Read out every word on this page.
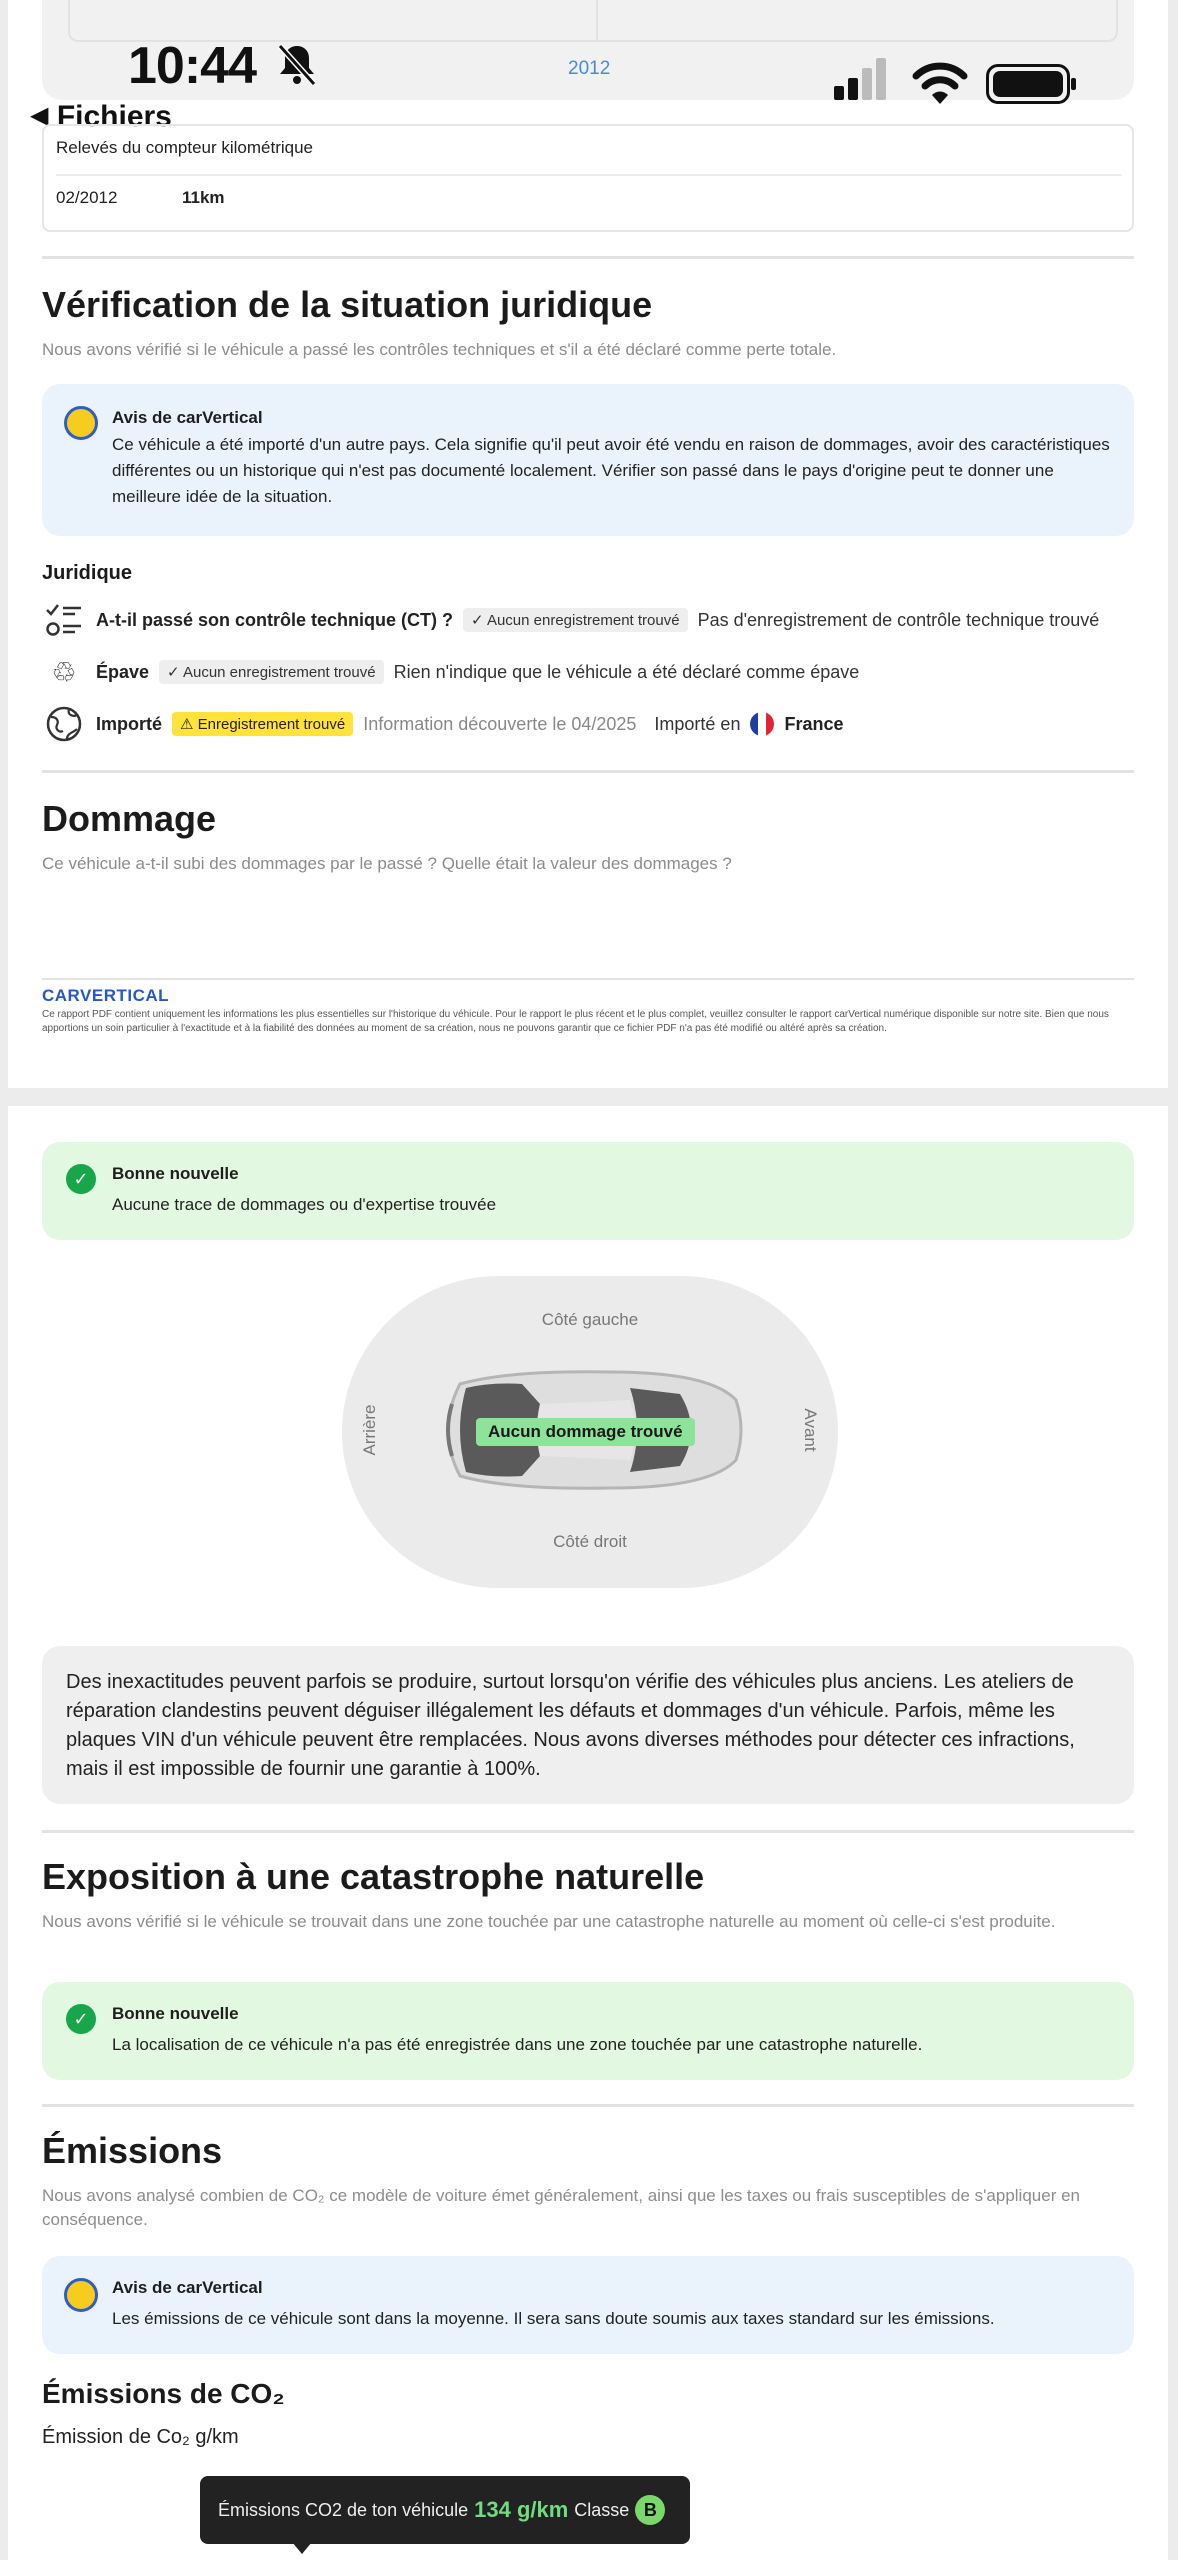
10:44	2012
◀ Fichiers
Relevés du compteur kilométrique
02/2012	11km
Vérification de la situation juridique
Nous avons vérifié si le véhicule a passé les contrôles techniques et s'il a été déclaré comme perte totale.
Avis de carVertical
Ce véhicule a été importé d'un autre pays. Cela signifie qu'il peut avoir été vendu en raison de dommages, avoir des caractéristiques différentes ou un historique qui n'est pas documenté localement. Vérifier son passé dans le pays d'origine peut te donner une meilleure idée de la situation.
Juridique
A-t-il passé son contrôle technique (CT) ?	✓ Aucun enregistrement trouvé	Pas d'enregistrement de contrôle technique trouvé
♲	Épave	✓ Aucun enregistrement trouvé	Rien n'indique que le véhicule a été déclaré comme épave
Importé	⚠ Enregistrement trouvé	Information découverte le 04/2025 Importé en France
Dommage
Ce véhicule a-t-il subi des dommages par le passé ? Quelle était la valeur des dommages ?
CARVERTICAL
Ce rapport PDF contient uniquement les informations les plus essentielles sur l'historique du véhicule. Pour le rapport le plus récent et le plus complet, veuillez consulter le rapport carVertical numérique disponible sur notre site. Bien que nous apportions un soin particulier à l'exactitude et à la fiabilité des données au moment de sa création, nous ne pouvons garantir que ce fichier PDF n'a pas été modifié ou altéré après sa création.
✓	Bonne nouvelle
Aucune trace de dommages ou d'expertise trouvée
Côté gauche
Côté droit
Arrière	Avant
Aucun dommage trouvé
Des inexactitudes peuvent parfois se produire, surtout lorsqu'on vérifie des véhicules plus anciens. Les ateliers de réparation clandestins peuvent déguiser illégalement les défauts et dommages d'un véhicule. Parfois, même les plaques VIN d'un véhicule peuvent être remplacées. Nous avons diverses méthodes pour détecter ces infractions, mais il est impossible de fournir une garantie à 100%.
Exposition à une catastrophe naturelle
Nous avons vérifié si le véhicule se trouvait dans une zone touchée par une catastrophe naturelle au moment où celle-ci s'est produite.
✓	Bonne nouvelle
La localisation de ce véhicule n'a pas été enregistrée dans une zone touchée par une catastrophe naturelle.
Émissions
Nous avons analysé combien de CO₂ ce modèle de voiture émet généralement, ainsi que les taxes ou frais susceptibles de s'appliquer en conséquence.
Avis de carVertical
Les émissions de ce véhicule sont dans la moyenne. Il sera sans doute soumis aux taxes standard sur les émissions.
Émissions de CO₂
Émission de Co₂ g/km
Émissions CO2 de ton véhicule 134 g/km Classe B
